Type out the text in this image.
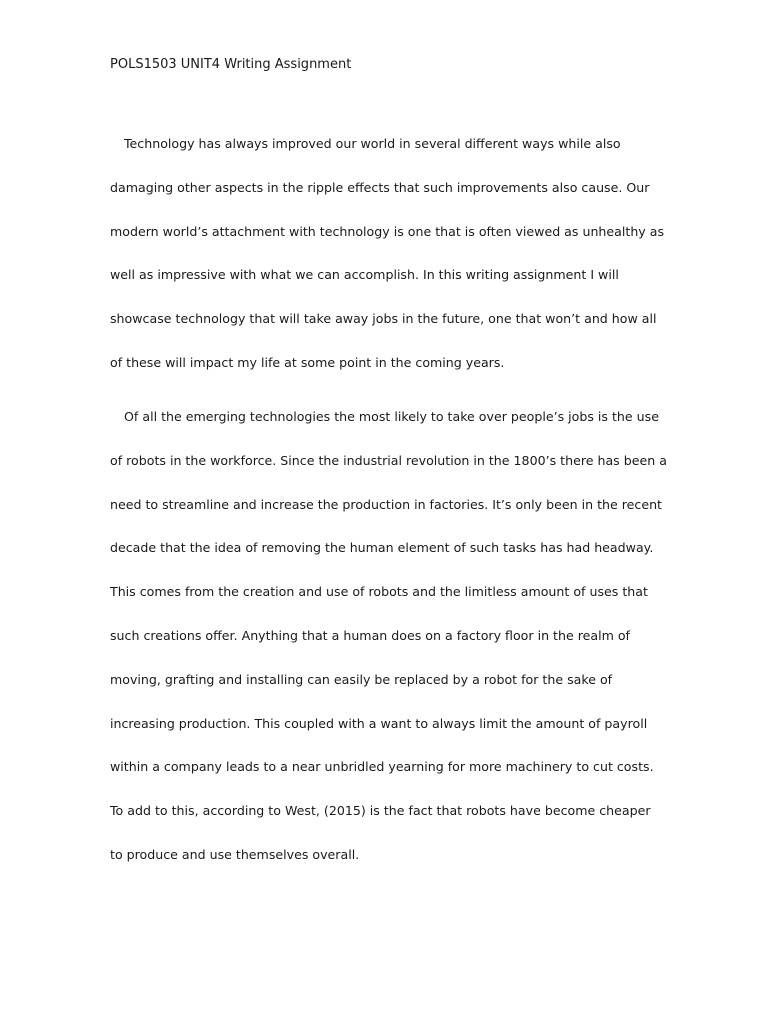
POLS1503 UNIT4 Writing Assignment
Technology has always improved our world in several different ways while also
damaging other aspects in the ripple effects that such improvements also cause. Our
modern world’s attachment with technology is one that is often viewed as unhealthy as
well as impressive with what we can accomplish. In this writing assignment I will
showcase technology that will take away jobs in the future, one that won’t and how all
of these will impact my life at some point in the coming years.
Of all the emerging technologies the most likely to take over people’s jobs is the use
of robots in the workforce. Since the industrial revolution in the 1800’s there has been a
need to streamline and increase the production in factories. It’s only been in the recent
decade that the idea of removing the human element of such tasks has had headway.
This comes from the creation and use of robots and the limitless amount of uses that
such creations offer. Anything that a human does on a factory floor in the realm of
moving, grafting and installing can easily be replaced by a robot for the sake of
increasing production. This coupled with a want to always limit the amount of payroll
within a company leads to a near unbridled yearning for more machinery to cut costs.
To add to this, according to West, (2015) is the fact that robots have become cheaper
to produce and use themselves overall.
